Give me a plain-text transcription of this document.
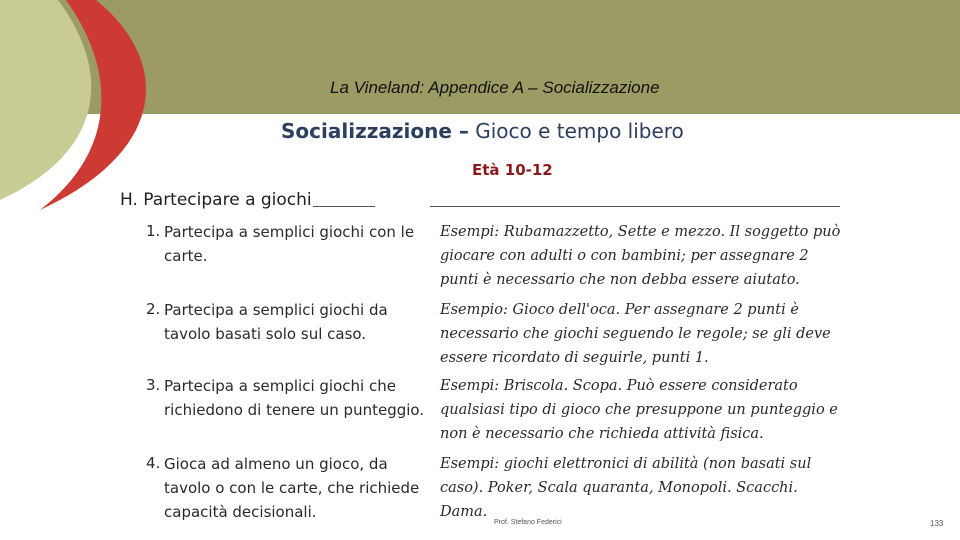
La Vineland: Appendice A – Socializzazione
Socializzazione – Gioco e tempo libero
Età 10-12
H. Partecipare a giochi
1. Partecipa a semplici giochi con le carte.
Esempi: Rubamazzetto, Sette e mezzo. Il soggetto può giocare con adulti o con bambini; per assegnare 2 punti è necessario che non debba essere aiutato.
2. Partecipa a semplici giochi da tavolo basati solo sul caso.
Esempio: Gioco dell'oca. Per assegnare 2 punti è necessario che giochi seguendo le regole; se gli deve essere ricordato di seguirle, punti 1.
3. Partecipa a semplici giochi che richiedono di tenere un punteggio.
Esempi: Briscola. Scopa. Può essere considerato qualsiasi tipo di gioco che presuppone un punteggio e non è necessario che richieda attività fisica.
4. Gioca ad almeno un gioco, da tavolo o con le carte, che richiede capacità decisionali.
Esempi: giochi elettronici di abilità (non basati sul caso). Poker, Scala quaranta, Monopoli. Scacchi. Dama.
Prof. Stefano Federici	133
